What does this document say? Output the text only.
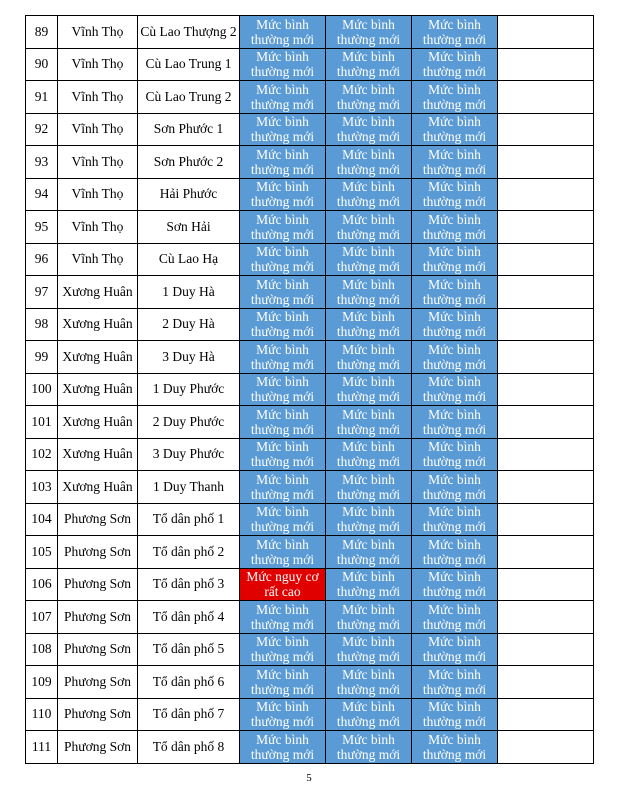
89	Vĩnh Thọ	Cù Lao Thượng 2	Mức bình thường mới	Mức bình thường mới	Mức bình thường mới	
90	Vĩnh Thọ	Cù Lao Trung 1	Mức bình thường mới	Mức bình thường mới	Mức bình thường mới	
91	Vĩnh Thọ	Cù Lao Trung 2	Mức bình thường mới	Mức bình thường mới	Mức bình thường mới	
92	Vĩnh Thọ	Sơn Phước 1	Mức bình thường mới	Mức bình thường mới	Mức bình thường mới	
93	Vĩnh Thọ	Sơn Phước 2	Mức bình thường mới	Mức bình thường mới	Mức bình thường mới	
94	Vĩnh Thọ	Hải Phước	Mức bình thường mới	Mức bình thường mới	Mức bình thường mới	
95	Vĩnh Thọ	Sơn Hải	Mức bình thường mới	Mức bình thường mới	Mức bình thường mới	
96	Vĩnh Thọ	Cù Lao Hạ	Mức bình thường mới	Mức bình thường mới	Mức bình thường mới	
97	Xương Huân	1 Duy Hà	Mức bình thường mới	Mức bình thường mới	Mức bình thường mới	
98	Xương Huân	2 Duy Hà	Mức bình thường mới	Mức bình thường mới	Mức bình thường mới	
99	Xương Huân	3 Duy Hà	Mức bình thường mới	Mức bình thường mới	Mức bình thường mới	
100	Xương Huân	1 Duy Phước	Mức bình thường mới	Mức bình thường mới	Mức bình thường mới	
101	Xương Huân	2 Duy Phước	Mức bình thường mới	Mức bình thường mới	Mức bình thường mới	
102	Xương Huân	3 Duy Phước	Mức bình thường mới	Mức bình thường mới	Mức bình thường mới	
103	Xương Huân	1 Duy Thanh	Mức bình thường mới	Mức bình thường mới	Mức bình thường mới	
104	Phương Sơn	Tổ dân phố 1	Mức bình thường mới	Mức bình thường mới	Mức bình thường mới	
105	Phương Sơn	Tổ dân phố 2	Mức bình thường mới	Mức bình thường mới	Mức bình thường mới	
106	Phương Sơn	Tổ dân phố 3	Mức nguy cơ rất cao	Mức bình thường mới	Mức bình thường mới	
107	Phương Sơn	Tổ dân phố 4	Mức bình thường mới	Mức bình thường mới	Mức bình thường mới	
108	Phương Sơn	Tổ dân phố 5	Mức bình thường mới	Mức bình thường mới	Mức bình thường mới	
109	Phương Sơn	Tổ dân phố 6	Mức bình thường mới	Mức bình thường mới	Mức bình thường mới	
110	Phương Sơn	Tổ dân phố 7	Mức bình thường mới	Mức bình thường mới	Mức bình thường mới	
111	Phương Sơn	Tổ dân phố 8	Mức bình thường mới	Mức bình thường mới	Mức bình thường mới	
5
